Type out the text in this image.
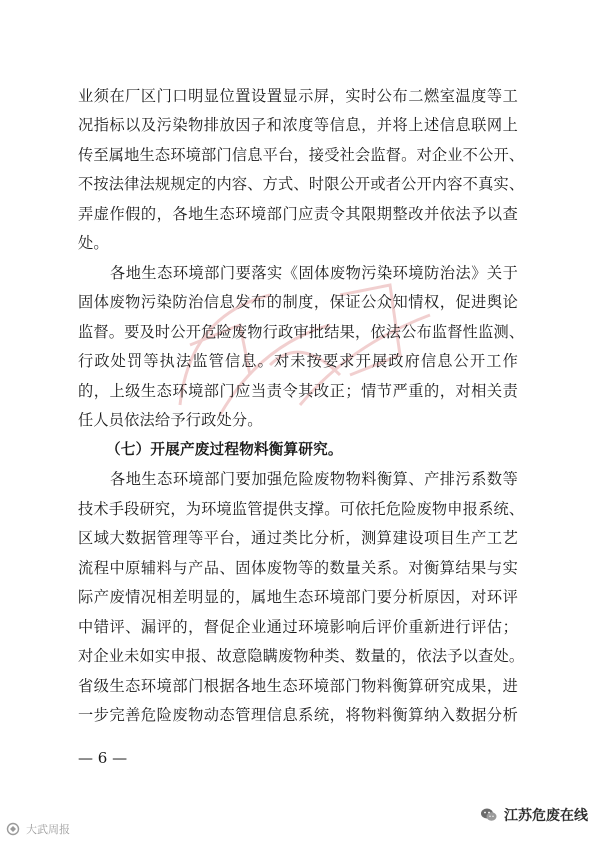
业须在厂区门口明显位置设置显示屏，实时公布二燃室温度等工
况指标以及污染物排放因子和浓度等信息，并将上述信息联网上
传至属地生态环境部门信息平台，接受社会监督。对企业不公开、
不按法律法规规定的内容、方式、时限公开或者公开内容不真实、
弄虚作假的，各地生态环境部门应责令其限期整改并依法予以查
处。
各地生态环境部门要落实《固体废物污染环境防治法》关于
固体废物污染防治信息发布的制度，保证公众知情权，促进舆论
监督。要及时公开危险废物行政审批结果，依法公布监督性监测、
行政处罚等执法监管信息。对未按要求开展政府信息公开工作
的，上级生态环境部门应当责令其改正；情节严重的，对相关责
任人员依法给予行政处分。
（七）开展产废过程物料衡算研究。
各地生态环境部门要加强危险废物物料衡算、产排污系数等
技术手段研究，为环境监管提供支撑。可依托危险废物申报系统、
区域大数据管理等平台，通过类比分析，测算建设项目生产工艺
流程中原辅料与产品、固体废物等的数量关系。对衡算结果与实
际产废情况相差明显的，属地生态环境部门要分析原因，对环评
中错评、漏评的，督促企业通过环境影响后评价重新进行评估；
对企业未如实申报、故意隐瞒废物种类、数量的，依法予以查处。
省级生态环境部门根据各地生态环境部门物料衡算研究成果，进
一步完善危险废物动态管理信息系统，将物料衡算纳入数据分析
— 6 —
大武周报
江苏危废在线
